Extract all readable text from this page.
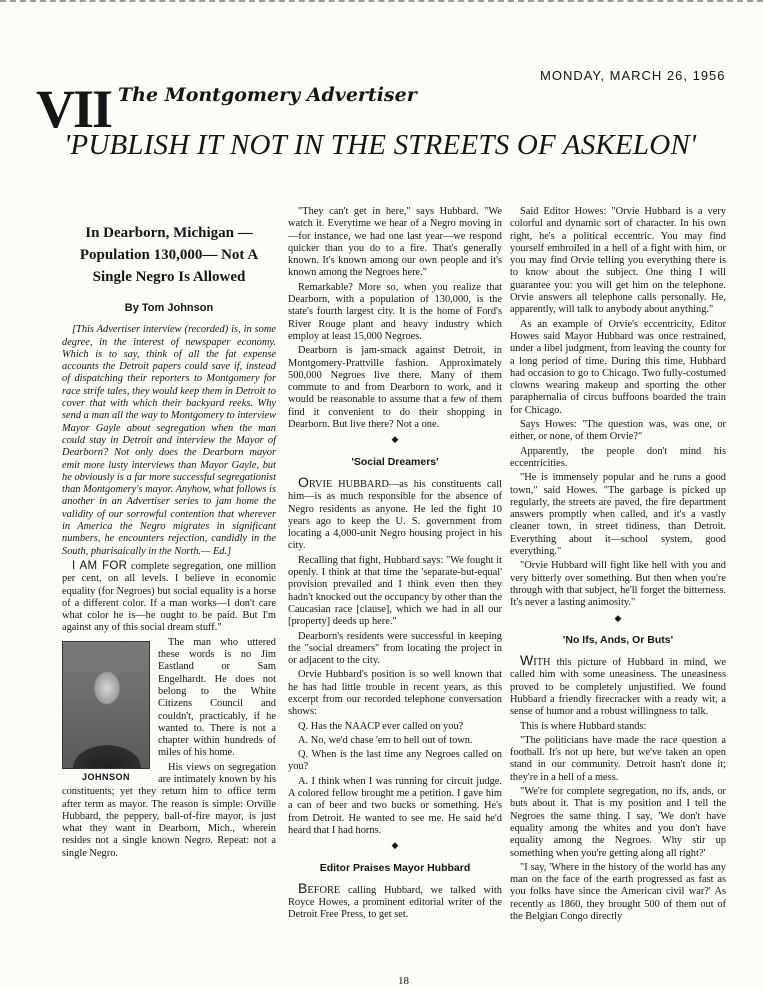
VII The Montgomery Advertiser
MONDAY, MARCH 26, 1956
'PUBLISH IT NOT IN THE STREETS OF ASKELON'
In Dearborn, Michigan —Population 130,000— Not A Single Negro Is Allowed
By Tom Johnson

[This Advertiser interview (recorded) is, in some degree, in the interest of newspaper economy. Which is to say, think of all the fat expense accounts the Detroit papers could save if, instead of dispatching their reporters to Montgomery for race strife tales, they would keep them in Detroit to cover that with which their backyard reeks. Why send a man all the way to Montgomery to interview Mayor Gayle about segregation when the man could stay in Detroit and interview the Mayor of Dearborn? Not only does the Dearborn mayor emit more lusty interviews than Mayor Gayle, but he obviously is a far more successful segregationist than Montgomery's mayor. Anyhow, what follows is another in an Advertiser series to jam home the validity of our sorrowful contention that wherever in America the Negro migrates in significant numbers, he encounters rejection, candidly in the South, pharisaically in the North.— Ed.]

I AM FOR complete segregation, one million per cent, on all levels. I believe in economic equality (for Negroes) but social equality is a horse of a different color. If a man works—I don't care what color he is—he ought to be paid. But I'm against any of this social dream stuff."

JOHNSON

The man who uttered these words is no Jim Eastland or Sam Engelhardt. He does not belong to the White Citizens Council and couldn't, practicably, if he wanted to. There is not a chapter within hundreds of miles of his home.

His views on segregation are intimately known by his constituents; yet they return him to office term after term as mayor. The reason is simple: Orville Hubbard, the peppery, ball-of-fire mayor, is just what they want in Dearborn, Mich., wherein resides not a single known Negro. Repeat: not a single Negro.

"They can't get in here," says Hubbard. "We watch it. Everytime we hear of a Negro moving in—for instance, we had one last year—we respond quicker than you do to a fire. That's generally known. It's known among our own people and it's known among the Negroes here."

Remarkable? More so, when you realize that Dearborn, with a population of 130,000, is the state's fourth largest city. It is the home of Ford's River Rouge plant and heavy industry which employ at least 15,000 Negroes.

Dearborn is jam-smack against Detroit, in Montgomery-Prattville fashion. Approximately 500,000 Negroes live there. Many of them commute to and from Dearborn to work, and it would be reasonable to assume that a few of them find it convenient to do their shopping in Dearborn. But live there? Not a one.

◆
'Social Dreamers'

ORVIE HUBBARD—as his constituents call him—is as much responsible for the absence of Negro residents as anyone. He led the fight 10 years ago to keep the U. S. government from locating a 4,000-unit Negro housing project in his city.

Recalling that fight, Hubbard says: "We fought it openly. I think at that time the 'separate-but-equal' provision prevailed and I think even then they hadn't knocked out the occupancy by other than the Caucasian race [clause], which we had in all our [property] deeds up here."

Dearborn's residents were successful in keeping the "social dreamers" from locating the project in or adjacent to the city.

Orvie Hubbard's position is so well known that he has had little trouble in recent years, as this excerpt from our recorded telephone conversation shows:

Q. Has the NAACP ever called on you?

A. No, we'd chase 'em to hell out of town.

Q. When is the last time any Negroes called on you?

A. I think when I was running for circuit judge. A colored fellow brought me a petition. I gave him a can of beer and two bucks or something. He's from Detroit. He wanted to see me. He said he'd heard that I had horns.

◆
Editor Praises Mayor Hubbard

BEFORE calling Hubbard, we talked with Royce Howes, a prominent editorial writer of the Detroit Free Press, to get set.

Said Editor Howes: "Orvie Hubbard is a very colorful and dynamic sort of character. In his own right, he's a political eccentric. You may find yourself embroiled in a hell of a fight with him, or you may find Orvie telling you everything there is to know about the subject. One thing I will guarantee you: you will get him on the telephone. Orvie answers all telephone calls personally. He, apparently, will talk to anybody about anything."

As an example of Orvie's eccentricity, Editor Howes said Mayor Hubbard was once restrained, under a libel judgment, from leaving the county for a long period of time. During this time, Hubbard had occasion to go to Chicago. Two fully-costumed clowns wearing makeup and sporting the other paraphernalia of circus buffoons boarded the train for Chicago.

Says Howes: "The question was, was one, or either, or none, of them Orvie?"

Apparently, the people don't mind his eccentricities.

"He is immensely popular and he runs a good town," said Howes. "The garbage is picked up regularly, the streets are paved, the fire department answers promptly when called, and it's a vastly cleaner town, in street tidiness, than Detroit. Everything about it—school system, good everything."

"Orvie Hubbard will fight like hell with you and very bitterly over something. But then when you're through with that subject, he'll forget the bitterness. It's never a lasting animosity."

◆
'No Ifs, Ands, Or Buts'

WITH this picture of Hubbard in mind, we called him with some uneasiness. The uneasiness proved to be completely unjustified. We found Hubbard a friendly firecracker with a ready wit, a sense of humor and a robust willingness to talk.

This is where Hubbard stands:

"The politicians have made the race question a football. It's not up here, but we've taken an open stand in our community. Detroit hasn't done it; they're in a hell of a mess.

"We're for complete segregation, no ifs, ands, or buts about it. That is my position and I tell the Negroes the same thing. I say, 'We don't have equality among the whites and you don't have equality among the Negroes. Why stir up something when you're getting along all right?'

"I say, 'Where in the history of the world has any man on the face of the earth progressed as fast as you folks have since the American civil war?' As recently as 1860, they brought 500 of them out of the Belgian Congo directly

18
